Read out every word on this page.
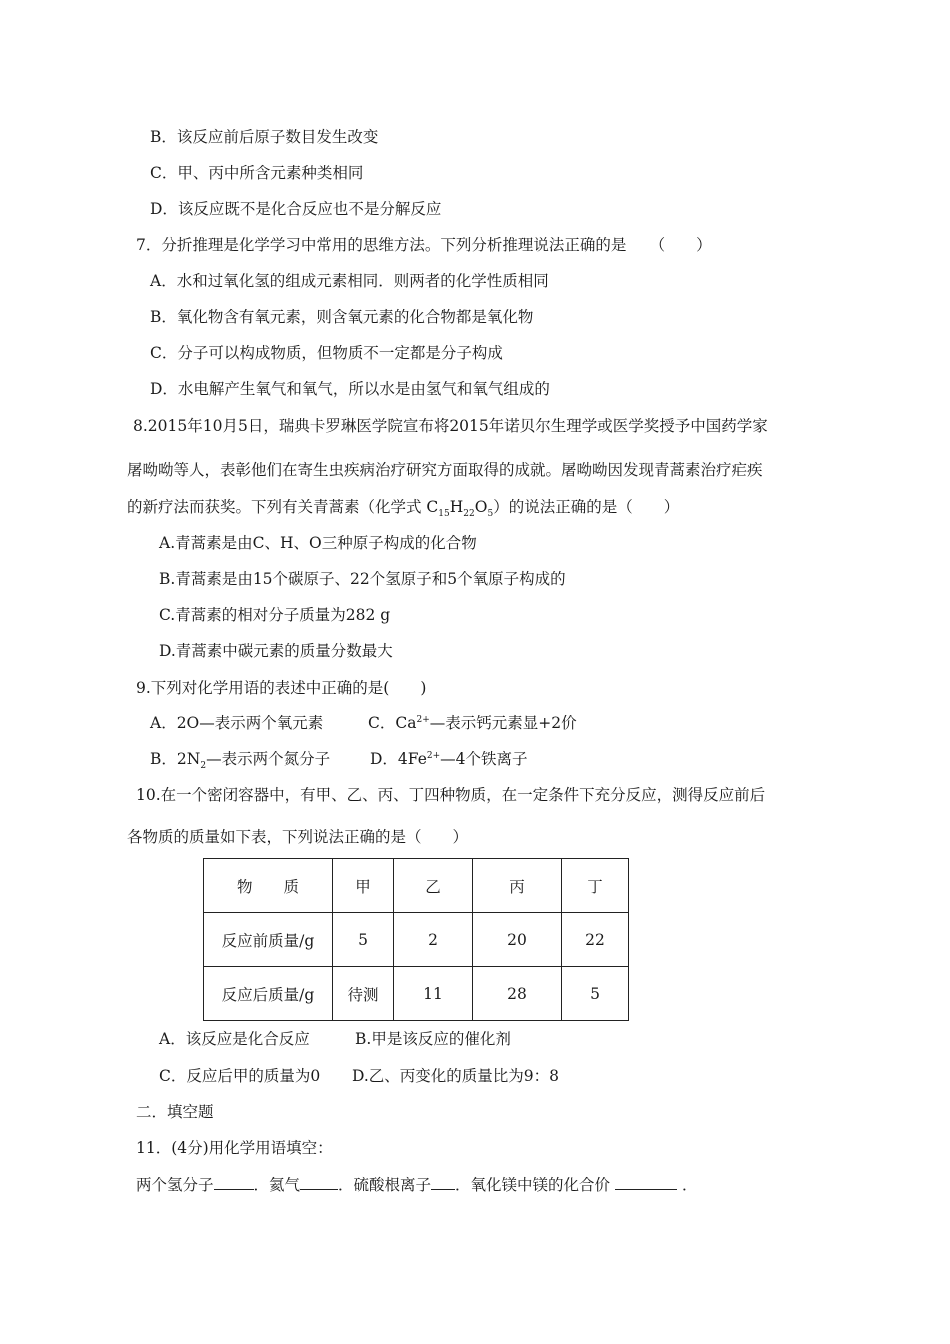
B．该反应前后原子数目发生改变
C．甲、丙中所含元素种类相同
D．该反应既不是化合反应也不是分解反应
7．分折推理是化学学习中常用的思维方法。下列分析推理说法正确的是　　（　　）
A．水和过氧化氢的组成元素相同．则两者的化学性质相同
B．氧化物含有氧元素，则含氧元素的化合物都是氧化物
C．分子可以构成物质，但物质不一定都是分子构成
D．水电解产生氧气和氧气，所以水是由氢气和氧气组成的
8.2015年10月5日，瑞典卡罗琳医学院宣布将2015年诺贝尔生理学或医学奖授予中国药学家
屠呦呦等人，表彰他们在寄生虫疾病治疗研究方面取得的成就。屠呦呦因发现青蒿素治疗疟疾
的新疗法而获奖。下列有关青蒿素（化学式 $C_{15}H_{22}O_5$）的说法正确的是（　　）
A.青蒿素是由C、H、O三种原子构成的化合物
B.青蒿素是由15个碳原子、22个氢原子和5个氧原子构成的
C.青蒿素的相对分子质量为282 g
D.青蒿素中碳元素的质量分数最大
9.下列对化学用语的表述中正确的是(　　)
A．2O—表示两个氧元素	C．$Ca^{2+}—$表示钙元素显+2价
B．$2N_2—$表示两个氮分子	D．$4Fe^{2+}—4$个铁离子
10.在一个密闭容器中，有甲、乙、丙、丁四种物质，在一定条件下充分反应，测得反应前后
各物质的质量如下表，下列说法正确的是（　　）
物　　质	甲	乙	丙	丁
反应前质量/g	5	2	20	22
反应后质量/g	待测	11	28	5
A．该反应是化合反应	B.甲是该反应的催化剂
C．反应后甲的质量为0 D.乙、丙变化的质量比为9：8
二．填空题
11．(4分)用化学用语填空：
两个氢分子	．氦气 ．硫酸根离子 ．氧化镁中镁的化合价	．
